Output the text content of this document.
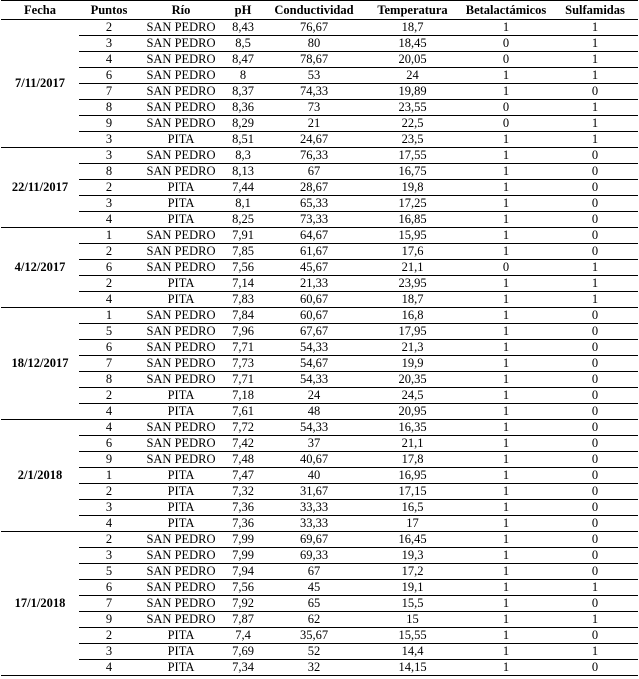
Fecha	Puntos	Río	pH	Conductividad	Temperatura	Betalactámicos	Sulfamidas
7/11/2017	2	SAN PEDRO	8,43	76,67	18,7	1	1
	3	SAN PEDRO	8,5	80	18,45	0	1
	4	SAN PEDRO	8,47	78,67	20,05	0	1
	6	SAN PEDRO	8	53	24	1	1
	7	SAN PEDRO	8,37	74,33	19,89	1	0
	8	SAN PEDRO	8,36	73	23,55	0	1
	9	SAN PEDRO	8,29	21	22,5	0	1
	3	PITA	8,51	24,67	23,5	1	1
22/11/2017	3	SAN PEDRO	8,3	76,33	17,55	1	0
	8	SAN PEDRO	8,13	67	16,75	1	0
	2	PITA	7,44	28,67	19,8	1	0
	3	PITA	8,1	65,33	17,25	1	0
	4	PITA	8,25	73,33	16,85	1	0
4/12/2017	1	SAN PEDRO	7,91	64,67	15,95	1	0
	2	SAN PEDRO	7,85	61,67	17,6	1	0
	6	SAN PEDRO	7,56	45,67	21,1	0	1
	2	PITA	7,14	21,33	23,95	1	1
	4	PITA	7,83	60,67	18,7	1	1
18/12/2017	1	SAN PEDRO	7,84	60,67	16,8	1	0
	5	SAN PEDRO	7,96	67,67	17,95	1	0
	6	SAN PEDRO	7,71	54,33	21,3	1	0
	7	SAN PEDRO	7,73	54,67	19,9	1	0
	8	SAN PEDRO	7,71	54,33	20,35	1	0
	2	PITA	7,18	24	24,5	1	0
	4	PITA	7,61	48	20,95	1	0
2/1/2018	4	SAN PEDRO	7,72	54,33	16,35	1	0
	6	SAN PEDRO	7,42	37	21,1	1	0
	9	SAN PEDRO	7,48	40,67	17,8	1	0
	1	PITA	7,47	40	16,95	1	0
	2	PITA	7,32	31,67	17,15	1	0
	3	PITA	7,36	33,33	16,5	1	0
	4	PITA	7,36	33,33	17	1	0
17/1/2018	2	SAN PEDRO	7,99	69,67	16,45	1	0
	3	SAN PEDRO	7,99	69,33	19,3	1	0
	5	SAN PEDRO	7,94	67	17,2	1	0
	6	SAN PEDRO	7,56	45	19,1	1	1
	7	SAN PEDRO	7,92	65	15,5	1	0
	9	SAN PEDRO	7,87	62	15	1	1
	2	PITA	7,4	35,67	15,55	1	0
	3	PITA	7,69	52	14,4	1	1
	4	PITA	7,34	32	14,15	1	0
